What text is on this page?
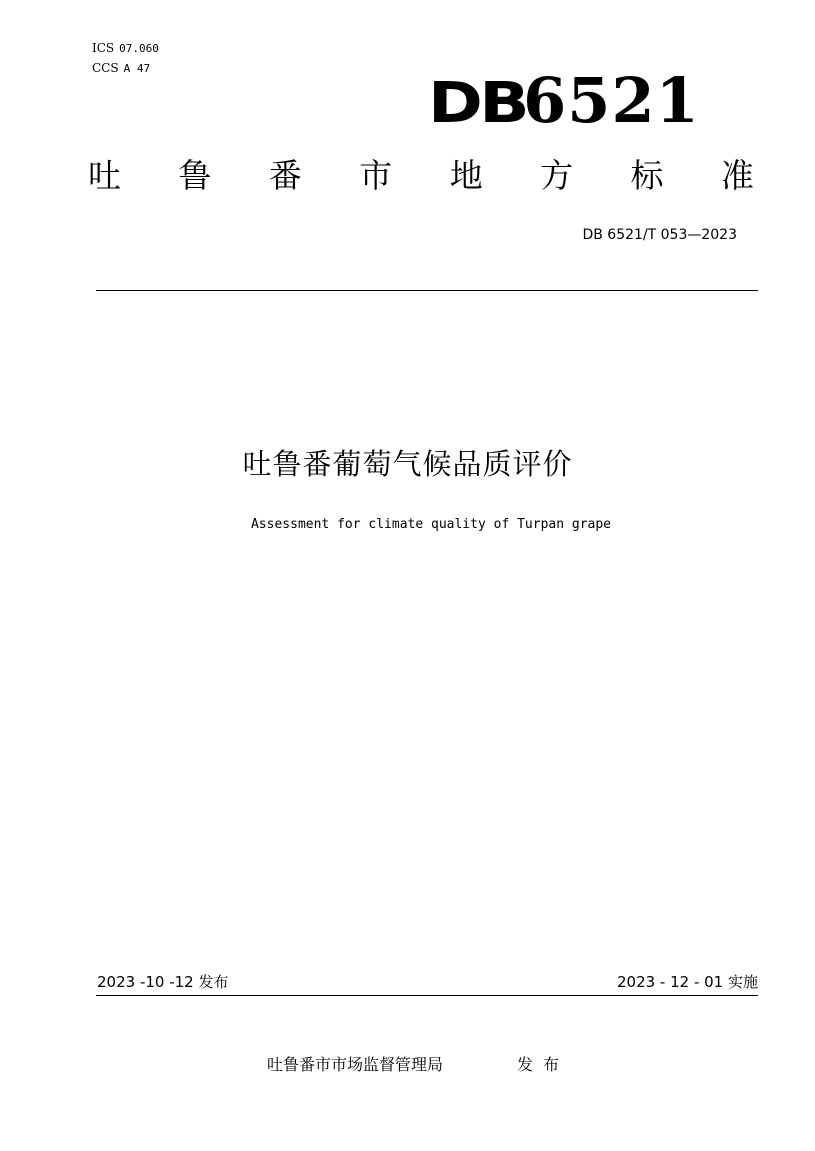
ICS 07.060
CCS A 47
DB6521
吐 鲁 番 市 地 方 标 准
DB 6521/T 053—2023
吐鲁番葡萄气候品质评价
Assessment for climate quality of Turpan grape
2023 -10 -12 发布	2023 - 12 - 01 实施
吐鲁番市市场监督管理局	发布
